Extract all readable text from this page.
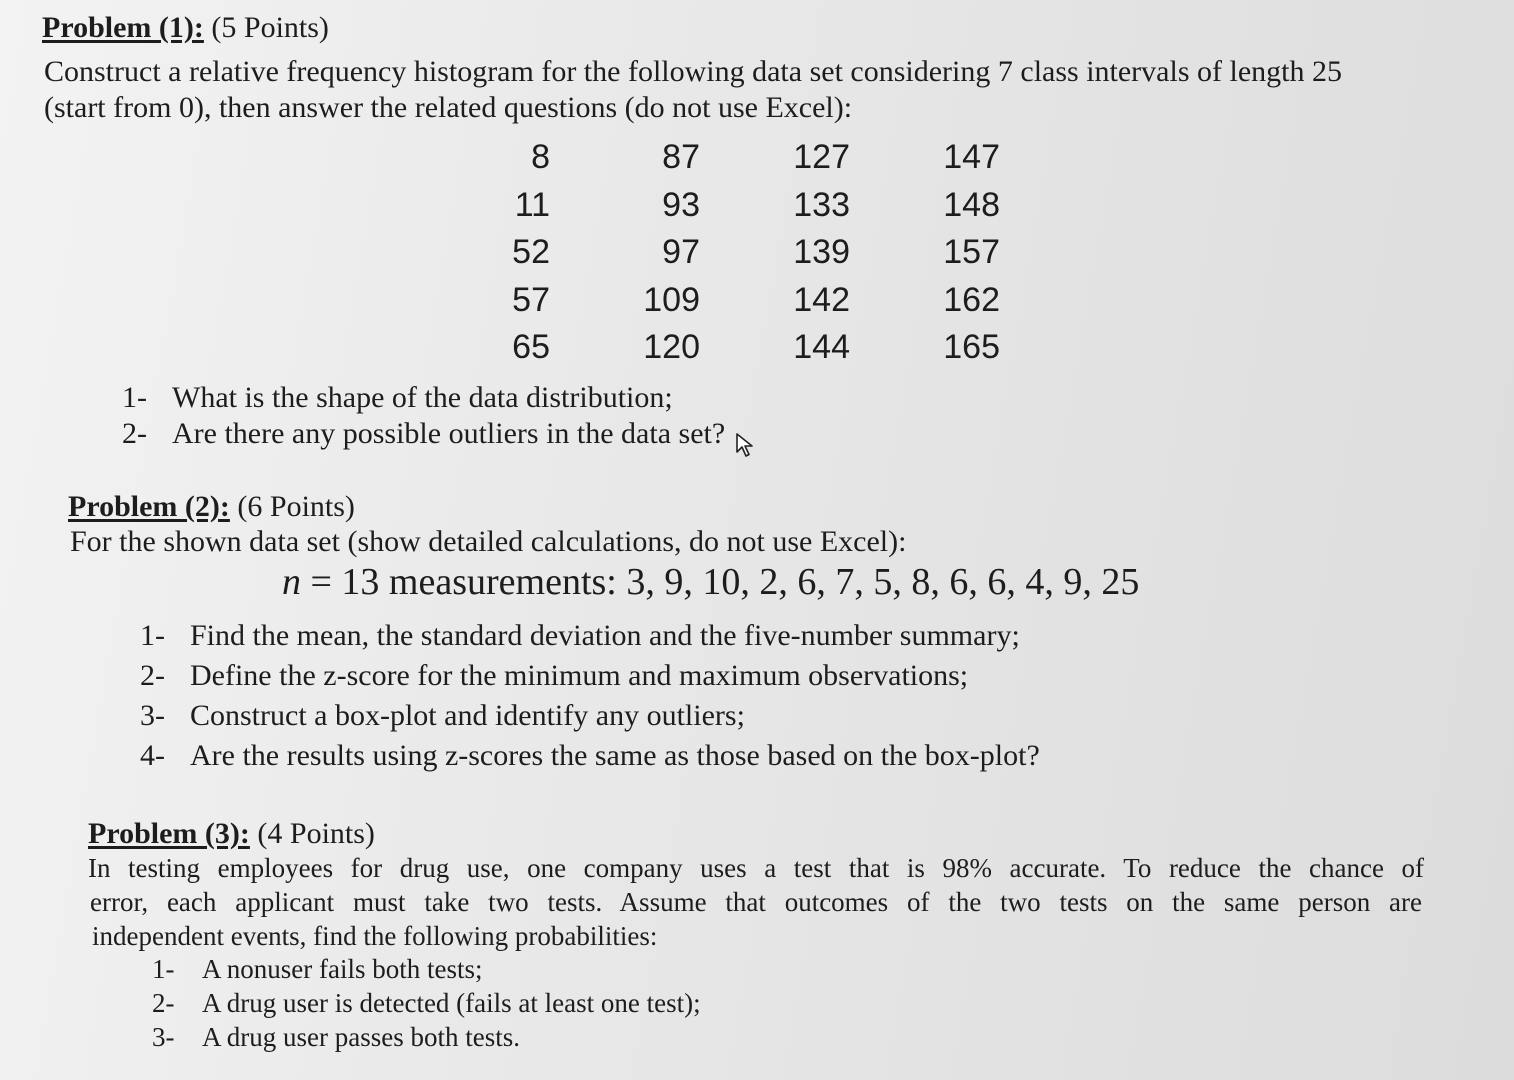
Problem (1): (5 Points)
Construct a relative frequency histogram for the following data set considering 7 class intervals of length 25
(start from 0), then answer the related questions (do not use Excel):
8	87	127	147
11	93	133	148
52	97	139	157
57	109	142	162
65	120	144	165
1- What is the shape of the data distribution;
2- Are there any possible outliers in the data set?
Problem (2): (6 Points)
For the shown data set (show detailed calculations, do not use Excel):
n = 13 measurements: 3, 9, 10, 2, 6, 7, 5, 8, 6, 6, 4, 9, 25
1- Find the mean, the standard deviation and the five-number summary;
2- Define the z-score for the minimum and maximum observations;
3- Construct a box-plot and identify any outliers;
4- Are the results using z-scores the same as those based on the box-plot?
Problem (3): (4 Points)
In testing employees for drug use, one company uses a test that is 98% accurate. To reduce the chance of
error, each applicant must take two tests. Assume that outcomes of the two tests on the same person are
independent events, find the following probabilities:
1- A nonuser fails both tests;
2- A drug user is detected (fails at least one test);
3- A drug user passes both tests.
